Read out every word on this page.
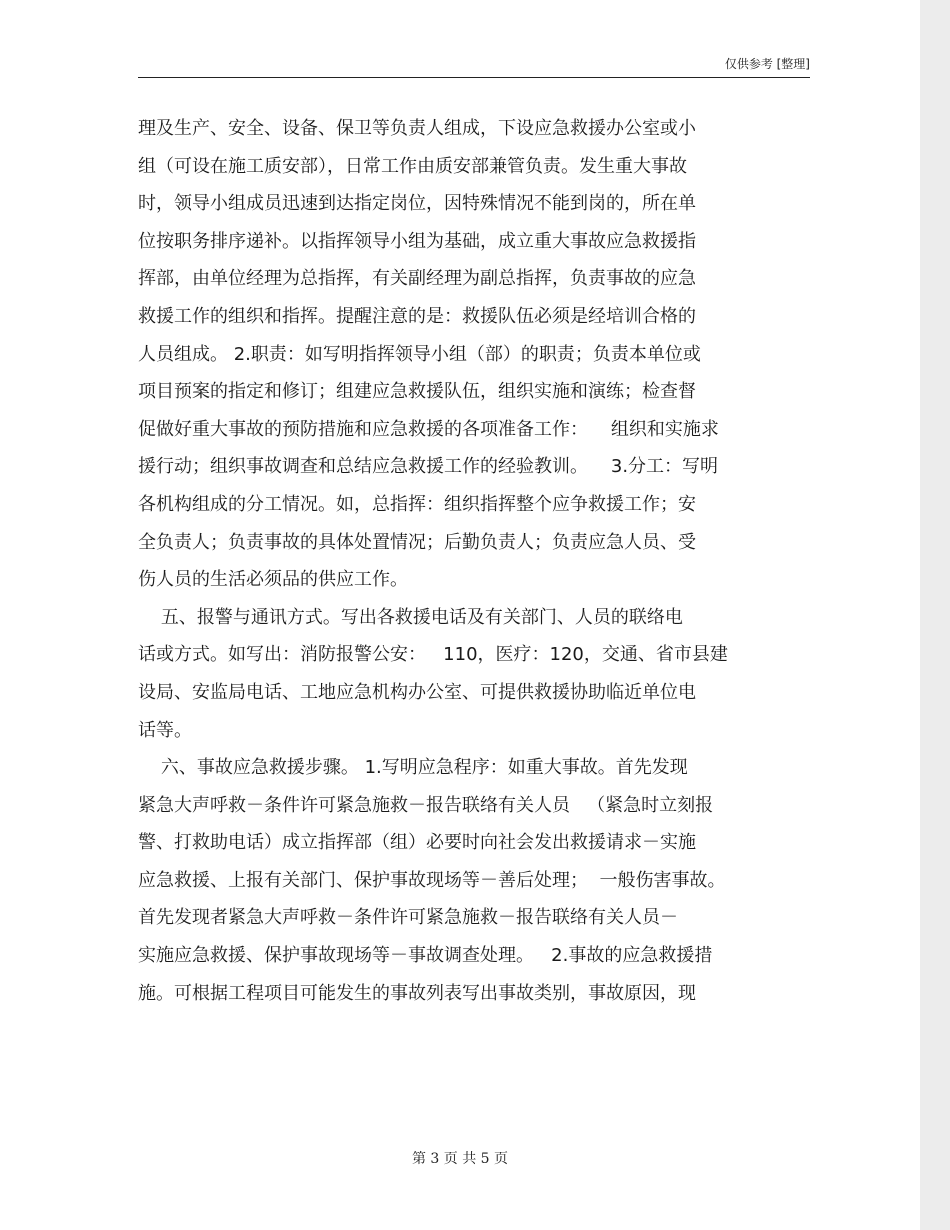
仅供参考 [整理]
理及生产、安全、设备、保卫等负责人组成，下设应急救援办公室或小
组（可设在施工质安部），日常工作由质安部兼管负责。发生重大事故
时，领导小组成员迅速到达指定岗位，因特殊情况不能到岗的，所在单
位按职务排序递补。以指挥领导小组为基础，成立重大事故应急救援指
挥部，由单位经理为总指挥，有关副经理为副总指挥，负责事故的应急
救援工作的组织和指挥。提醒注意的是：救援队伍必须是经培训合格的
人员组成。 2.职责：如写明指挥领导小组（部）的职责；负责本单位或
项目预案的指定和修订；组建应急救援队伍，组织实施和演练；检查督
促做好重大事故的预防措施和应急救援的各项准备工作：    组织和实施求
援行动；组织事故调查和总结应急救援工作的经验教训。    3.分工：写明
各机构组成的分工情况。如，总指挥：组织指挥整个应争救援工作；安
全负责人；负责事故的具体处置情况；后勤负责人；负责应急人员、受
伤人员的生活必须品的供应工作。
五、报警与通讯方式。写出各救援电话及有关部门、人员的联络电
话或方式。如写出：消防报警公安：   110，医疗：120，交通、省市县建
设局、安监局电话、工地应急机构办公室、可提供救援协助临近单位电
话等。
六、事故应急救援步骤。 1.写明应急程序：如重大事故。首先发现
紧急大声呼救－条件许可紧急施救－报告联络有关人员   （紧急时立刻报
警、打救助电话）成立指挥部（组）必要时向社会发出救援请求－实施
应急救援、上报有关部门、保护事故现场等－善后处理；  一般伤害事故。
首先发现者紧急大声呼救－条件许可紧急施救－报告联络有关人员－
实施应急救援、保护事故现场等－事故调查处理。   2.事故的应急救援措
施。可根据工程项目可能发生的事故列表写出事故类别，事故原因，现
第 3 页 共 5 页
